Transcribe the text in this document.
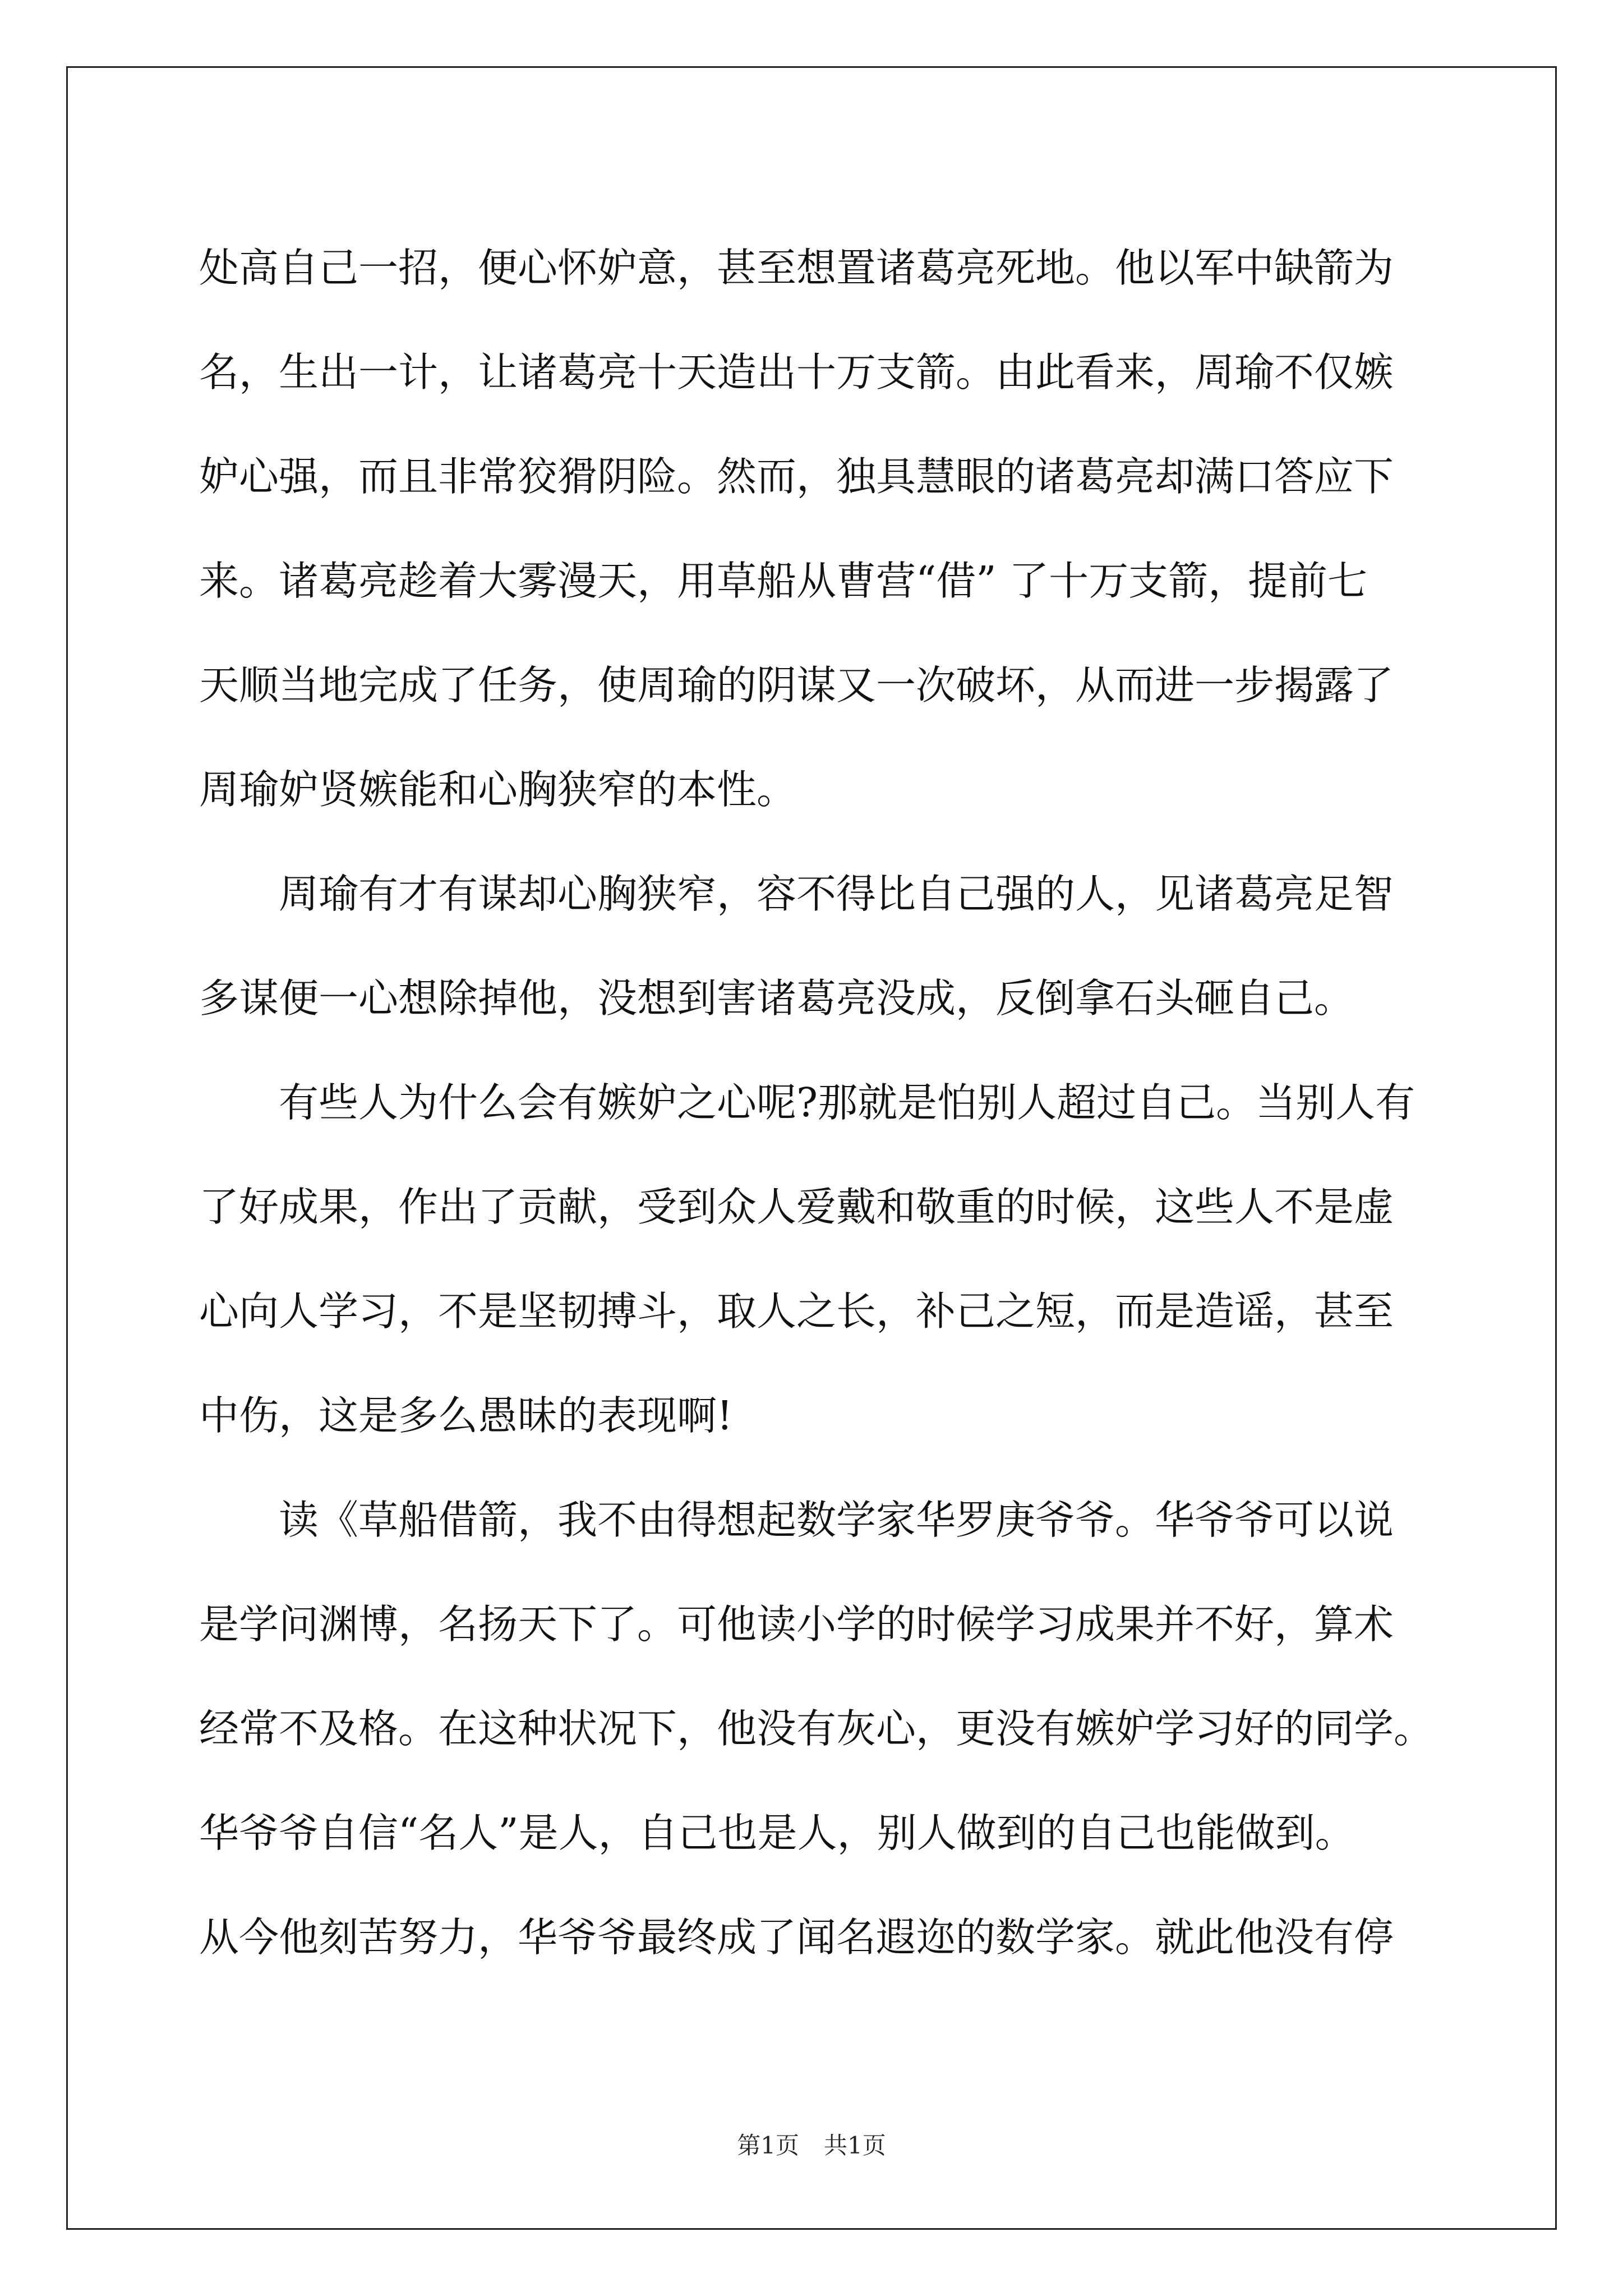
处高自己一招，便心怀妒意，甚至想置诸葛亮死地。他以军中缺箭为
名，生出一计，让诸葛亮十天造出十万支箭。由此看来，周瑜不仅嫉
妒心强，而且非常狡猾阴险。然而，独具慧眼的诸葛亮却满口答应下
来。诸葛亮趁着大雾漫天，用草船从曹营“借” 了十万支箭，提前七
天顺当地完成了任务，使周瑜的阴谋又一次破坏，从而进一步揭露了
周瑜妒贤嫉能和心胸狭窄的本性。
　　周瑜有才有谋却心胸狭窄，容不得比自己强的人，见诸葛亮足智
多谋便一心想除掉他，没想到害诸葛亮没成，反倒拿石头砸自己。
　　有些人为什么会有嫉妒之心呢?那就是怕别人超过自己。当别人有
了好成果，作出了贡献，受到众人爱戴和敬重的时候，这些人不是虚
心向人学习，不是坚韧搏斗，取人之长，补己之短，而是造谣，甚至
中伤，这是多么愚昧的表现啊!
　　读《草船借箭，我不由得想起数学家华罗庚爷爷。华爷爷可以说
是学问渊博，名扬天下了。可他读小学的时候学习成果并不好，算术
经常不及格。在这种状况下，他没有灰心，更没有嫉妒学习好的同学。
华爷爷自信“名人”是人，自己也是人，别人做到的自己也能做到。
从今他刻苦努力，华爷爷最终成了闻名遐迩的数学家。就此他没有停
第1页 共1页
